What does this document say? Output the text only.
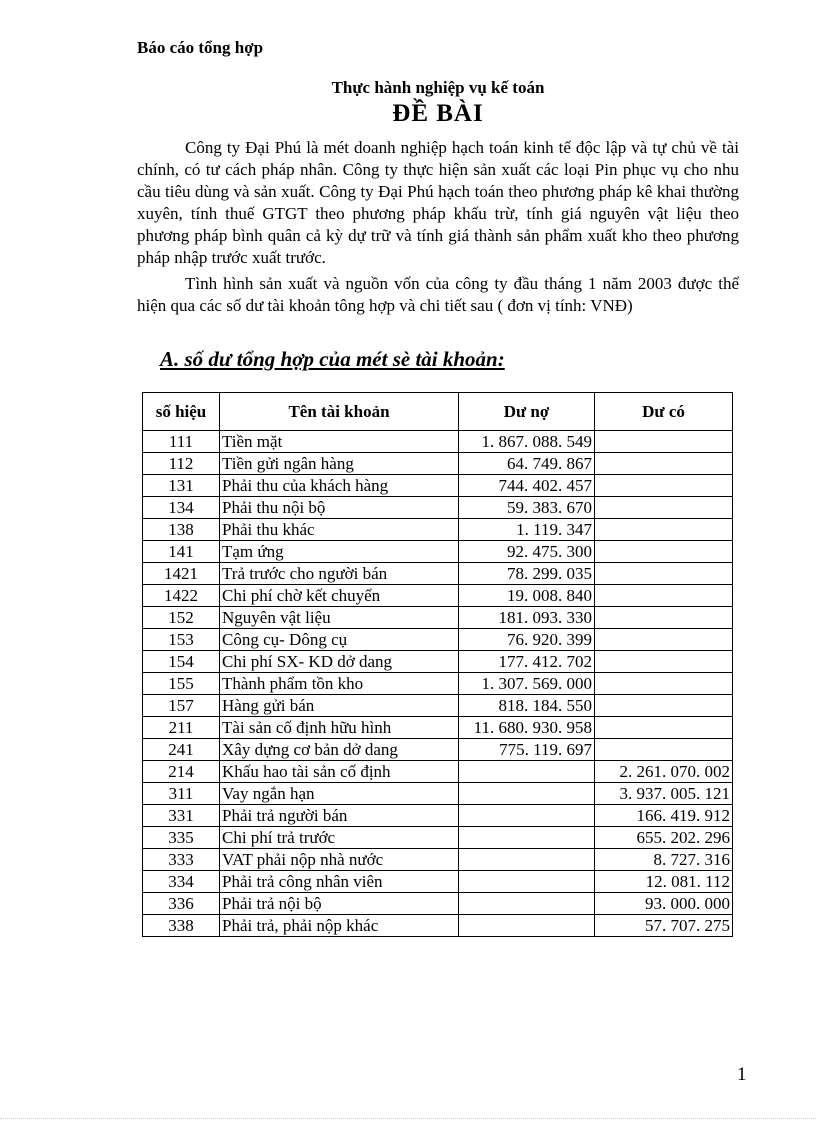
Báo cáo tổng hợp
Thực hành nghiệp vụ kế toán
ĐỀ BÀI

Công ty Đại Phú là mét doanh nghiệp hạch toán kinh tế độc lập và tự chủ về tài chính, có tư cách pháp nhân. Công ty thực hiện sản xuất các loại Pin phục vụ cho nhu cầu tiêu dùng và sản xuất. Công ty Đại Phú hạch toán theo phương pháp kê khai thường xuyên, tính thuế GTGT theo phương pháp khấu trừ, tính giá nguyên vật liệu theo phương pháp bình quân cả kỳ dự trữ và tính giá thành sản phẩm xuất kho theo phương pháp nhập trước xuất trước.

Tình hình sản xuất và nguồn vốn của công ty đầu tháng 1 năm 2003 được thể hiện qua các số dư tài khoản tông hợp và chi tiết sau ( đơn vị tính: VNĐ)

A. số dư tổng hợp của mét sè tài khoản:
số hiệu	Tên tài khoản	Dư nợ	Dư có
111	Tiền mặt	1. 867. 088. 549	
112	Tiền gửi ngân hàng	64. 749. 867	
131	Phải thu của khách hàng	744. 402. 457	
134	Phải thu nội bộ	59. 383. 670	
138	Phải thu khác	1. 119. 347	
141	Tạm ứng	92. 475. 300	
1421	Trả trước cho người bán	78. 299. 035	
1422	Chi phí chờ kết chuyển	19. 008. 840	
152	Nguyên vật liệu	181. 093. 330	
153	Công cụ- Dông cụ	76. 920. 399	
154	Chi phí SX- KD dở dang	177. 412. 702	
155	Thành phẩm tồn kho	1. 307. 569. 000	
157	Hàng gửi bán	818. 184. 550	
211	Tài sản cố định hữu hình	11. 680. 930. 958	
241	Xây dựng cơ bản dở dang	775. 119. 697	
214	Khấu hao tài sản cố định		2. 261. 070. 002
311	Vay ngắn hạn		3. 937. 005. 121
331	Phải trả người bán		166. 419. 912
335	Chi phí trả trước		655. 202. 296
333	VAT phải nộp nhà nước		8. 727. 316
334	Phải trả công nhân viên		12. 081. 112
336	Phải trả nội bộ		93. 000. 000
338	Phải trả, phải nộp khác		57. 707. 275
1
